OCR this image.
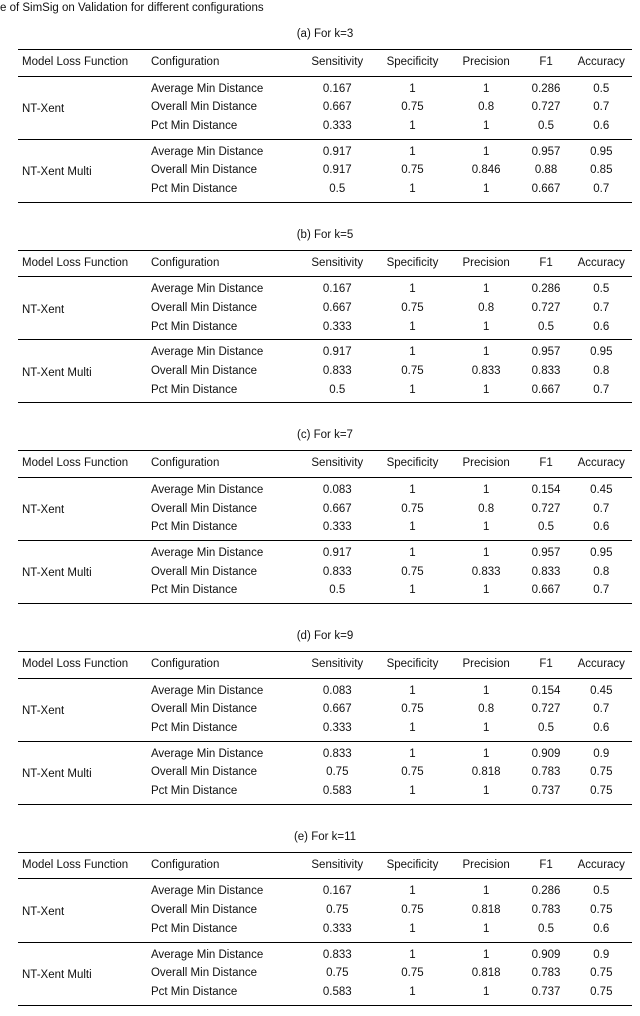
e of SimSig on Validation for different configurations
(a) For k=3
Model Loss Function	Configuration	Sensitivity	Specificity	Precision	F1	Accuracy
NT-Xent	Average Min Distance	0.167	1	1	0.286	0.5
	Overall Min Distance	0.667	0.75	0.8	0.727	0.7
	Pct Min Distance	0.333	1	1	0.5	0.6
NT-Xent Multi	Average Min Distance	0.917	1	1	0.957	0.95
	Overall Min Distance	0.917	0.75	0.846	0.88	0.85
	Pct Min Distance	0.5	1	1	0.667	0.7
(b) For k=5
Model Loss Function	Configuration	Sensitivity	Specificity	Precision	F1	Accuracy
NT-Xent	Average Min Distance	0.167	1	1	0.286	0.5
	Overall Min Distance	0.667	0.75	0.8	0.727	0.7
	Pct Min Distance	0.333	1	1	0.5	0.6
NT-Xent Multi	Average Min Distance	0.917	1	1	0.957	0.95
	Overall Min Distance	0.833	0.75	0.833	0.833	0.8
	Pct Min Distance	0.5	1	1	0.667	0.7
(c) For k=7
Model Loss Function	Configuration	Sensitivity	Specificity	Precision	F1	Accuracy
NT-Xent	Average Min Distance	0.083	1	1	0.154	0.45
	Overall Min Distance	0.667	0.75	0.8	0.727	0.7
	Pct Min Distance	0.333	1	1	0.5	0.6
NT-Xent Multi	Average Min Distance	0.917	1	1	0.957	0.95
	Overall Min Distance	0.833	0.75	0.833	0.833	0.8
	Pct Min Distance	0.5	1	1	0.667	0.7
(d) For k=9
Model Loss Function	Configuration	Sensitivity	Specificity	Precision	F1	Accuracy
NT-Xent	Average Min Distance	0.083	1	1	0.154	0.45
	Overall Min Distance	0.667	0.75	0.8	0.727	0.7
	Pct Min Distance	0.333	1	1	0.5	0.6
NT-Xent Multi	Average Min Distance	0.833	1	1	0.909	0.9
	Overall Min Distance	0.75	0.75	0.818	0.783	0.75
	Pct Min Distance	0.583	1	1	0.737	0.75
(e) For k=11
Model Loss Function	Configuration	Sensitivity	Specificity	Precision	F1	Accuracy
NT-Xent	Average Min Distance	0.167	1	1	0.286	0.5
	Overall Min Distance	0.75	0.75	0.818	0.783	0.75
	Pct Min Distance	0.333	1	1	0.5	0.6
NT-Xent Multi	Average Min Distance	0.833	1	1	0.909	0.9
	Overall Min Distance	0.75	0.75	0.818	0.783	0.75
	Pct Min Distance	0.583	1	1	0.737	0.75
